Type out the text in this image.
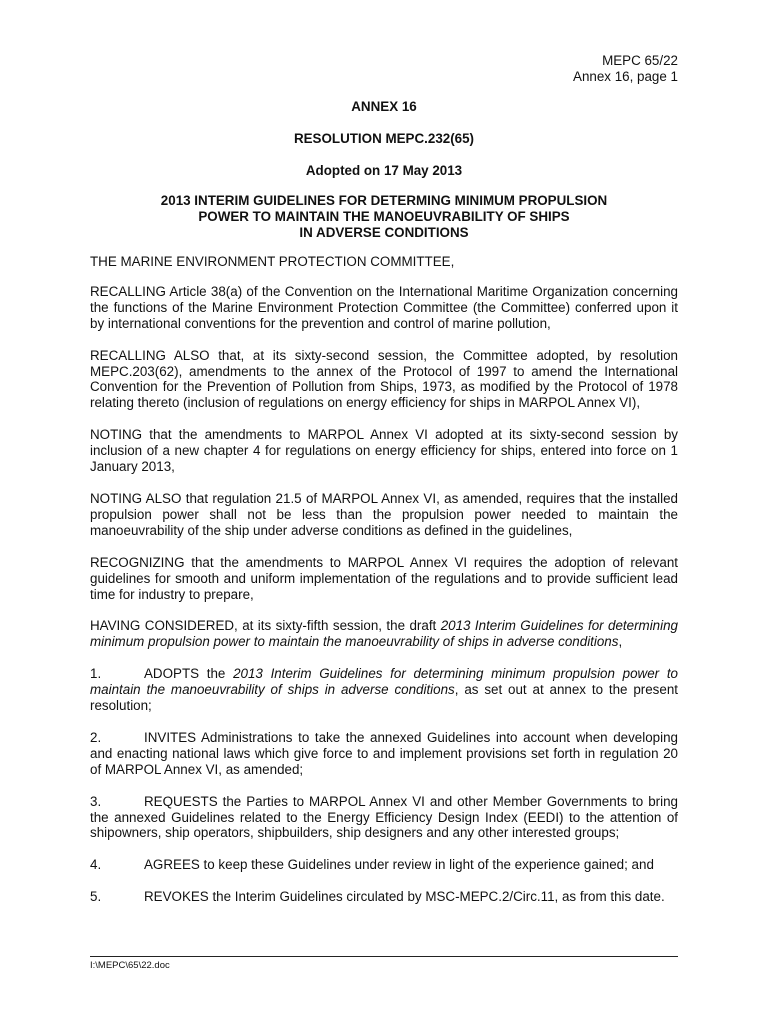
MEPC 65/22
Annex 16, page 1

ANNEX 16

RESOLUTION MEPC.232(65)

Adopted on 17 May 2013

2013 INTERIM GUIDELINES FOR DETERMING MINIMUM PROPULSION
POWER TO MAINTAIN THE MANOEUVRABILITY OF SHIPS
IN ADVERSE CONDITIONS

THE MARINE ENVIRONMENT PROTECTION COMMITTEE,

RECALLING Article 38(a) of the Convention on the International Maritime Organization concerning the functions of the Marine Environment Protection Committee (the Committee) conferred upon it by international conventions for the prevention and control of marine pollution,

RECALLING ALSO that, at its sixty-second session, the Committee adopted, by resolution MEPC.203(62), amendments to the annex of the Protocol of 1997 to amend the International Convention for the Prevention of Pollution from Ships, 1973, as modified by the Protocol of 1978 relating thereto (inclusion of regulations on energy efficiency for ships in MARPOL Annex VI),

NOTING that the amendments to MARPOL Annex VI adopted at its sixty-second session by inclusion of a new chapter 4 for regulations on energy efficiency for ships, entered into force on 1 January 2013,

NOTING ALSO that regulation 21.5 of MARPOL Annex VI, as amended, requires that the installed propulsion power shall not be less than the propulsion power needed to maintain the manoeuvrability of the ship under adverse conditions as defined in the guidelines,

RECOGNIZING that the amendments to MARPOL Annex VI requires the adoption of relevant guidelines for smooth and uniform implementation of the regulations and to provide sufficient lead time for industry to prepare,

HAVING CONSIDERED, at its sixty-fifth session, the draft 2013 Interim Guidelines for determining minimum propulsion power to maintain the manoeuvrability of ships in adverse conditions,

1.	ADOPTS the 2013 Interim Guidelines for determining minimum propulsion power to maintain the manoeuvrability of ships in adverse conditions, as set out at annex to the present resolution;

2.	INVITES Administrations to take the annexed Guidelines into account when developing and enacting national laws which give force to and implement provisions set forth in regulation 20 of MARPOL Annex VI, as amended;

3.	REQUESTS the Parties to MARPOL Annex VI and other Member Governments to bring the annexed Guidelines related to the Energy Efficiency Design Index (EEDI) to the attention of shipowners, ship operators, shipbuilders, ship designers and any other interested groups;

4.	AGREES to keep these Guidelines under review in light of the experience gained; and

5.	REVOKES the Interim Guidelines circulated by MSC-MEPC.2/Circ.11, as from this date.

I:\MEPC\65\22.doc
